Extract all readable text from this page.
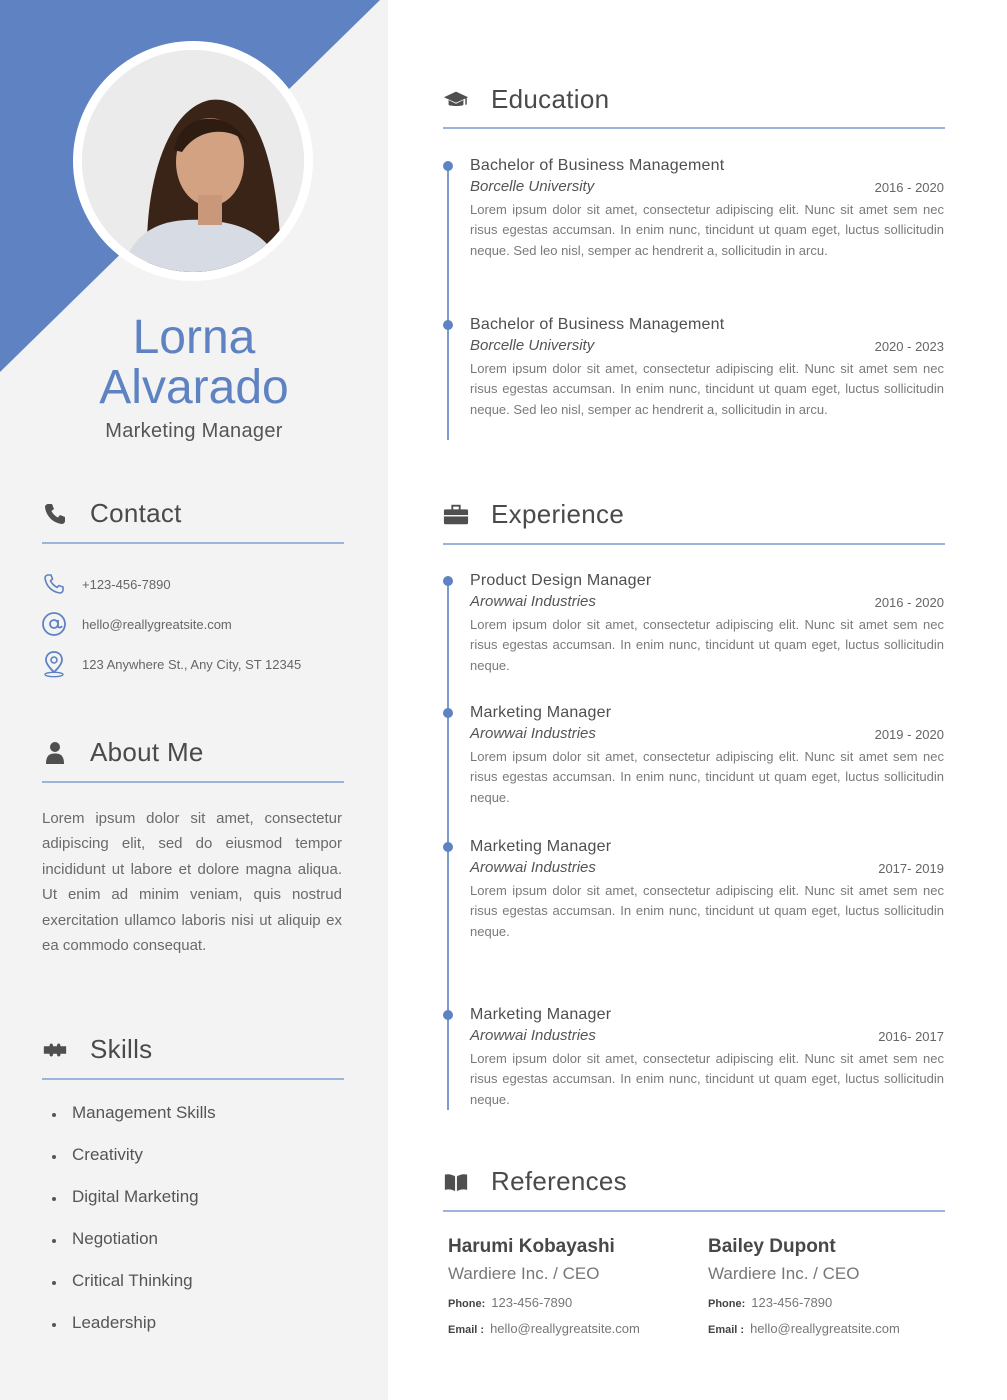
Lorna
Alvarado
Marketing Manager
Contact
+123-456-7890
hello@reallygreatsite.com
123 Anywhere St., Any City, ST 12345
About Me
Lorem ipsum dolor sit amet, consectetur adipiscing elit, sed do eiusmod tempor incididunt ut labore et dolore magna aliqua. Ut enim ad minim veniam, quis nostrud exercitation ullamco laboris nisi ut aliquip ex ea commodo consequat.
Skills
Management Skills
Creativity
Digital Marketing
Negotiation
Critical Thinking
Leadership
Education
Bachelor of Business Management
Borcelle University	2016 - 2020
Lorem ipsum dolor sit amet, consectetur adipiscing elit. Nunc sit amet sem nec risus egestas accumsan. In enim nunc, tincidunt ut quam eget, luctus sollicitudin neque. Sed leo nisl, semper ac hendrerit a, sollicitudin in arcu.
Bachelor of Business Management
Borcelle University	2020 - 2023
Lorem ipsum dolor sit amet, consectetur adipiscing elit. Nunc sit amet sem nec risus egestas accumsan. In enim nunc, tincidunt ut quam eget, luctus sollicitudin neque. Sed leo nisl, semper ac hendrerit a, sollicitudin in arcu.
Experience
Product Design Manager
Arowwai Industries	2016 - 2020
Lorem ipsum dolor sit amet, consectetur adipiscing elit. Nunc sit amet sem nec risus egestas accumsan. In enim nunc, tincidunt ut quam eget, luctus sollicitudin neque.
Marketing Manager
Arowwai Industries	2019 - 2020
Lorem ipsum dolor sit amet, consectetur adipiscing elit. Nunc sit amet sem nec risus egestas accumsan. In enim nunc, tincidunt ut quam eget, luctus sollicitudin neque.
Marketing Manager
Arowwai Industries	2017- 2019
Lorem ipsum dolor sit amet, consectetur adipiscing elit. Nunc sit amet sem nec risus egestas accumsan. In enim nunc, tincidunt ut quam eget, luctus sollicitudin neque.
Marketing Manager
Arowwai Industries	2016- 2017
Lorem ipsum dolor sit amet, consectetur adipiscing elit. Nunc sit amet sem nec risus egestas accumsan. In enim nunc, tincidunt ut quam eget, luctus sollicitudin neque.
References
Harumi Kobayashi
Wardiere Inc. / CEO
Phone: 123-456-7890
Email : hello@reallygreatsite.com
Bailey Dupont
Wardiere Inc. / CEO
Phone: 123-456-7890
Email : hello@reallygreatsite.com
